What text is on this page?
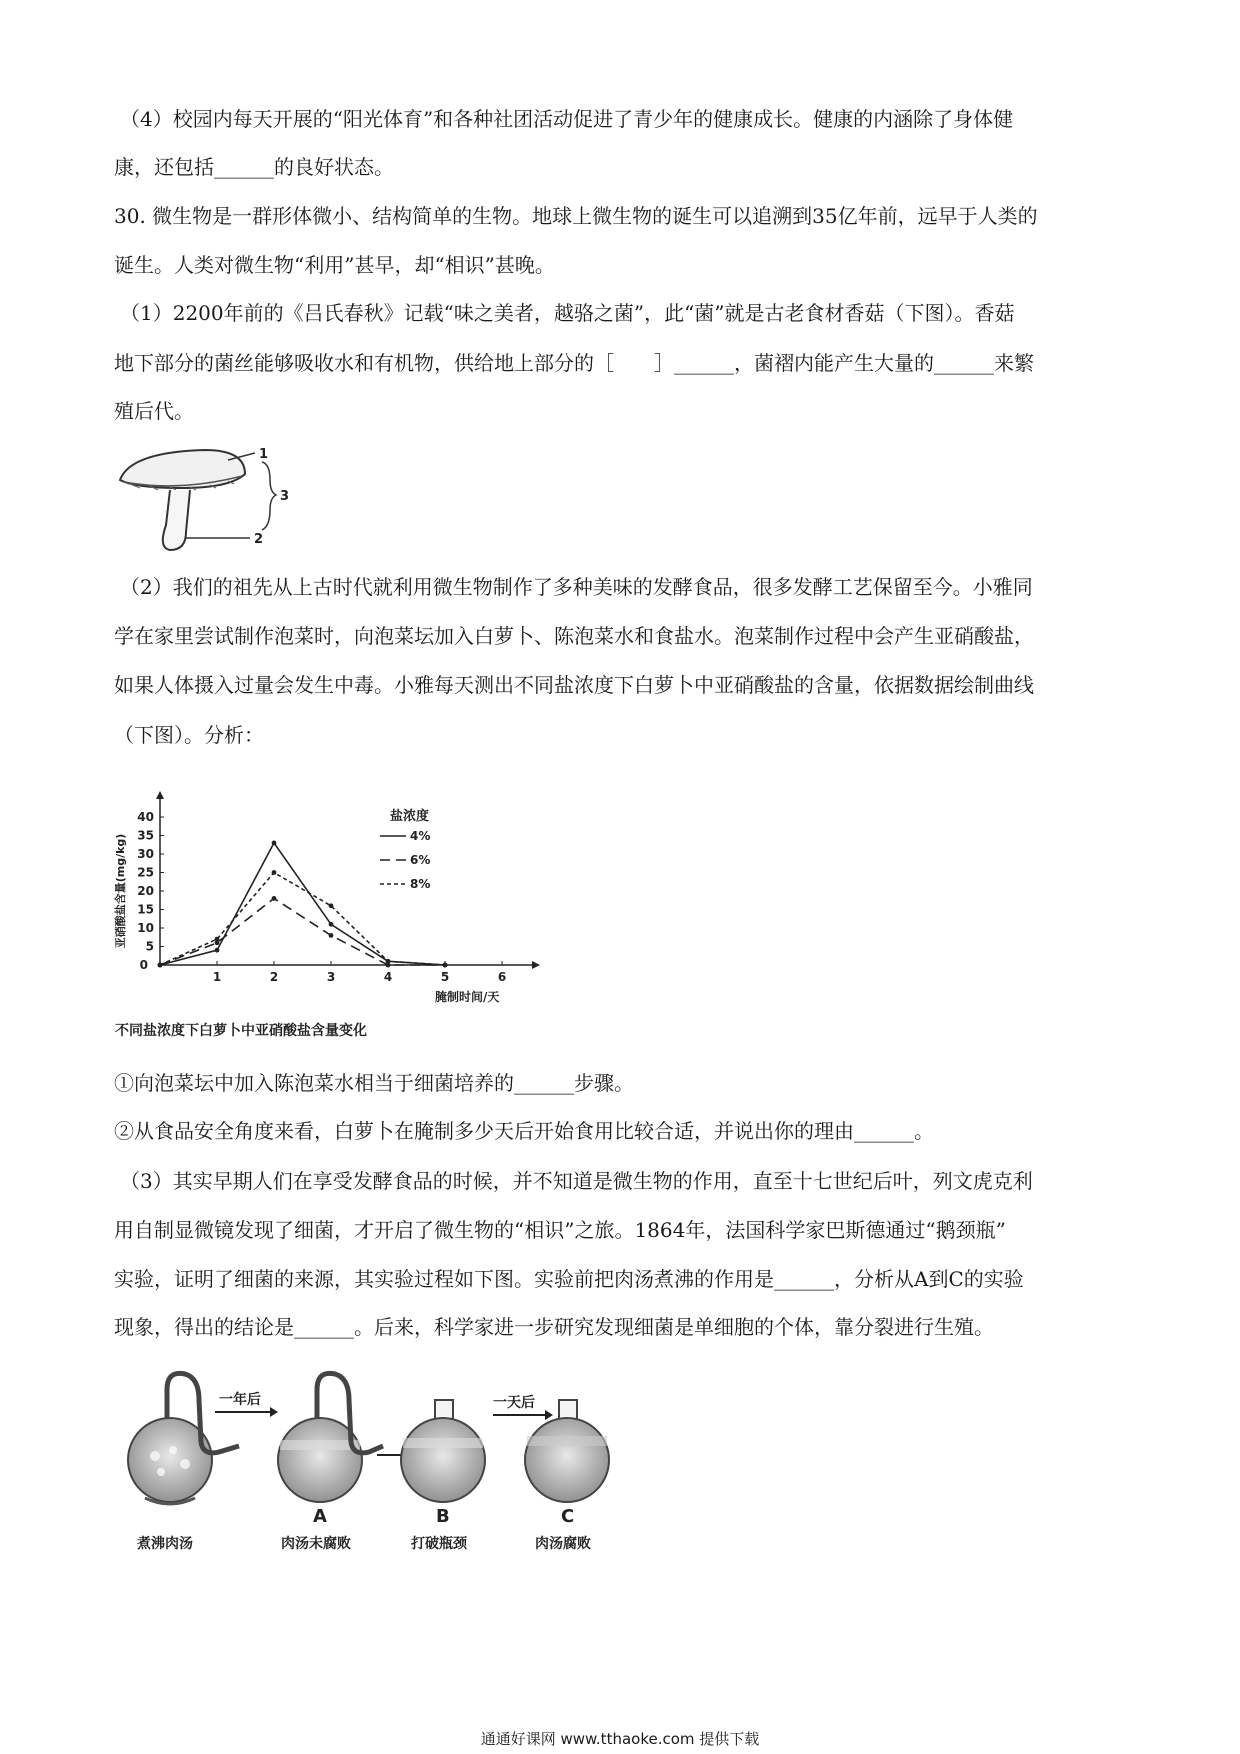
（4）校园内每天开展的“阳光体育”和各种社团活动促进了青少年的健康成长。健康的内涵除了身体健
康，还包括______的良好状态。
30. 微生物是一群形体微小、结构简单的生物。地球上微生物的诞生可以追溯到35亿年前，远早于人类的
诞生。人类对微生物“利用”甚早，却“相识”甚晚。
（1）2200年前的《吕氏春秋》记载“味之美者，越骆之菌”，此“菌”就是古老食材香菇（下图）。香菇
地下部分的菌丝能够吸收水和有机物，供给地上部分的［　　］______，菌褶内能产生大量的______来繁
殖后代。
1
2
3
（2）我们的祖先从上古时代就利用微生物制作了多种美味的发酵食品，很多发酵工艺保留至今。小雅同
学在家里尝试制作泡菜时，向泡菜坛加入白萝卜、陈泡菜水和食盐水。泡菜制作过程中会产生亚硝酸盐，
如果人体摄入过量会发生中毒。小雅每天测出不同盐浓度下白萝卜中亚硝酸盐的含量，依据数据绘制曲线
（下图）。分析：
0
1	2	3	4	5	6
5
10
15
20
25
30
35
40
亚硝酸盐含量(mg/kg)
腌制时间/天
不同盐浓度下白萝卜中亚硝酸盐含量变化
盐浓度
4%
6%
8%
①向泡菜坛中加入陈泡菜水相当于细菌培养的______步骤。
②从食品安全角度来看，白萝卜在腌制多少天后开始食用比较合适，并说出你的理由______。
（3）其实早期人们在享受发酵食品的时候，并不知道是微生物的作用，直至十七世纪后叶，列文虎克利
用自制显微镜发现了细菌，才开启了微生物的“相识”之旅。1864年，法国科学家巴斯德通过“鹅颈瓶”
实验，证明了细菌的来源，其实验过程如下图。实验前把肉汤煮沸的作用是______，分析从A到C的实验
现象，得出的结论是______。后来，科学家进一步研究发现细菌是单细胞的个体，靠分裂进行生殖。
一年后
A	B
一天后
C
煮沸肉汤	肉汤未腐败	打破瓶颈	肉汤腐败
通通好课网 www.tthaoke.com 提供下载
